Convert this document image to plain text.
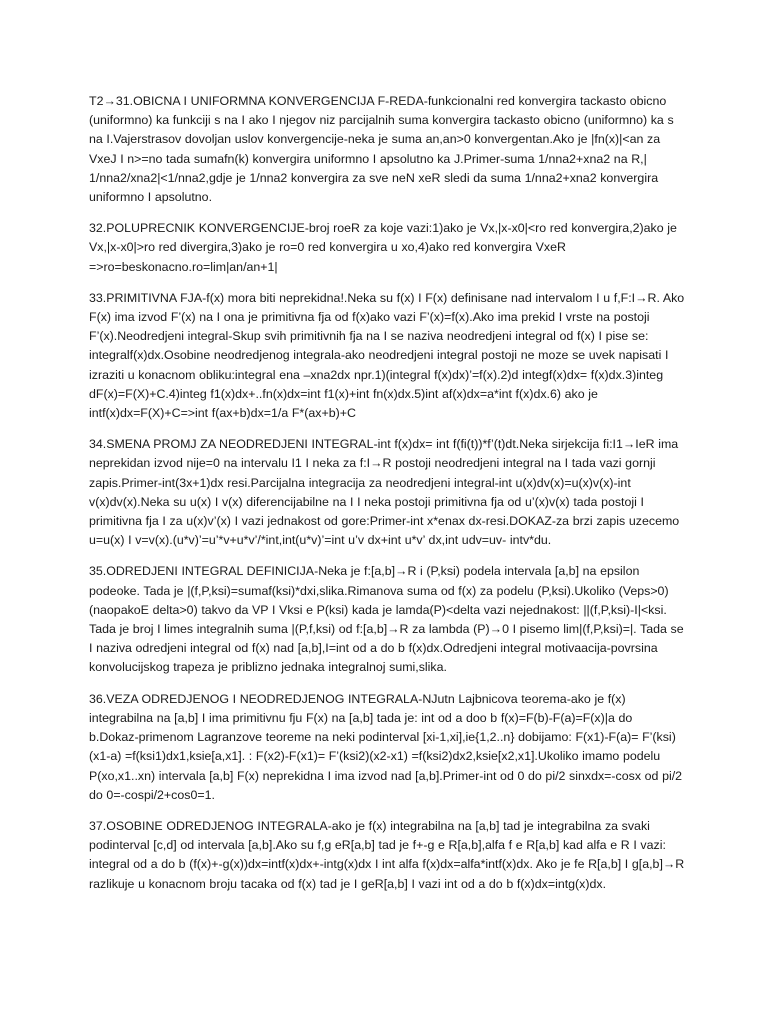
T2→31.OBICNA I UNIFORMNA KONVERGENCIJA F-REDA-funkcionalni red konvergira tackasto obicno (uniformno) ka funkciji s na I ako I njegov niz parcijalnih suma konvergira tackasto obicno (uniformno) ka s na I.Vajerstrasov dovoljan uslov konvergencije-neka je suma an,an>0 konvergentan.Ako je |fn(x)|<an za VxeJ I n>=no tada sumafn(k) konvergira uniformno I apsolutno ka J.Primer-suma 1/nna2+xna2 na R,| 1/nna2/xna2|<1/nna2,gdje je 1/nna2 konvergira za sve neN xeR sledi da suma 1/nna2+xna2 konvergira uniformno I apsolutno.

32.POLUPRECNIK KONVERGENCIJE-broj roeR za koje vazi:1)ako je Vx,|x-x0|<ro red konvergira,2)ako je Vx,|x-x0|>ro red divergira,3)ako je ro=0 red konvergira u xo,4)ako red konvergira VxeR =>ro=beskonacno.ro=lim|an/an+1|

33.PRIMITIVNA FJA-f(x) mora biti neprekidna!.Neka su f(x) I F(x) definisane nad intervalom I u f,F:I→R. Ako F(x) ima izvod F’(x) na I ona je primitivna fja od f(x)ako vazi F’(x)=f(x).Ako ima prekid I vrste na postoji F’(x).Neodredjeni integral-Skup svih primitivnih fja na I se naziva neodredjeni integral od f(x) I pise se: integralf(x)dx.Osobine neodredjenog integrala-ako neodredjeni integral postoji ne moze se uvek napisati I izraziti u konacnom obliku:integral ena –xna2dx npr.1)(integral f(x)dx)’=f(x).2)d integf(x)dx= f(x)dx.3)integ dF(x)=F(X)+C.4)integ f1(x)dx+..fn(x)dx=int f1(x)+int fn(x)dx.5)int af(x)dx=a*int f(x)dx.6) ako je intf(x)dx=F(X)+C=>int f(ax+b)dx=1/a F*(ax+b)+C

34.SMENA PROMJ ZA NEODREDJENI INTEGRAL-int f(x)dx= int f(fi(t))*f’(t)dt.Neka sirjekcija fi:I1→IeR ima neprekidan izvod nije=0 na intervalu I1 I neka za f:I→R postoji neodredjeni integral na I tada vazi gornji zapis.Primer-int(3x+1)dx resi.Parcijalna integracija za neodredjeni integral-int u(x)dv(x)=u(x)v(x)-int v(x)dv(x).Neka su u(x) I v(x) diferencijabilne na I I neka postoji primitivna fja od u’(x)v(x) tada postoji I primitivna fja I za u(x)v’(x) I vazi jednakost od gore:Primer-int x*enax dx-resi.DOKAZ-za brzi zapis uzecemo u=u(x) I v=v(x).(u*v)’=u’*v+u*v’/*int,int(u*v)’=int u’v dx+int u*v’ dx,int udv=uv- intv*du.

35.ODREDJENI INTEGRAL DEFINICIJA-Neka je f:[a,b]→R i (P,ksi) podela intervala [a,b] na epsilon podeoke. Tada je |(f,P,ksi)=sumaf(ksi)*dxi,slika.Rimanova suma od f(x) za podelu (P,ksi).Ukoliko (Veps>0) (naopakoE delta>0) takvo da VP I Vksi e P(ksi) kada je lamda(P)<delta vazi nejednakost: ||(f,P,ksi)-I|<ksi. Tada je broj I limes integralnih suma |(P,f,ksi) od f:[a,b]→R za lambda (P)→0 I pisemo lim|(f,P,ksi)=|. Tada se I naziva odredjeni integral od f(x) nad [a,b],I=int od a do b f(x)dx.Odredjeni integral motivaacija-povrsina konvolucijskog trapeza je priblizno jednaka integralnoj sumi,slika.

36.VEZA ODREDJENOG I NEODREDJENOG INTEGRALA-NJutn Lajbnicova teorema-ako je f(x) integrabilna na [a,b] I ima primitivnu fju F(x) na [a,b] tada je: int od a doo b f(x)=F(b)-F(a)=F(x)|a do b.Dokaz-primenom Lagranzove teoreme na neki podinterval [xi-1,xi],ie{1,2..n} dobijamo: F(x1)-F(a)= F’(ksi)(x1-a) =f(ksi1)dx1,ksie[a,x1]. : F(x2)-F(x1)= F’(ksi2)(x2-x1) =f(ksi2)dx2,ksie[x2,x1].Ukoliko imamo podelu P(xo,x1..xn) intervala [a,b] F(x) neprekidna I ima izvod nad [a,b].Primer-int od 0 do pi/2 sinxdx=-cosx od pi/2 do 0=-cospi/2+cos0=1.

37.OSOBINE ODREDJENOG INTEGRALA-ako je f(x) integrabilna na [a,b] tad je integrabilna za svaki podinterval [c,d] od intervala [a,b].Ako su f,g eR[a,b] tad je f+-g e R[a,b],alfa f e R[a,b] kad alfa e R I vazi: integral od a do b (f(x)+-g(x))dx=intf(x)dx+-intg(x)dx I int alfa f(x)dx=alfa*intf(x)dx. Ako je fe R[a,b] I g[a,b]→R razlikuje u konacnom broju tacaka od f(x) tad je I geR[a,b] I vazi int od a do b f(x)dx=intg(x)dx.
